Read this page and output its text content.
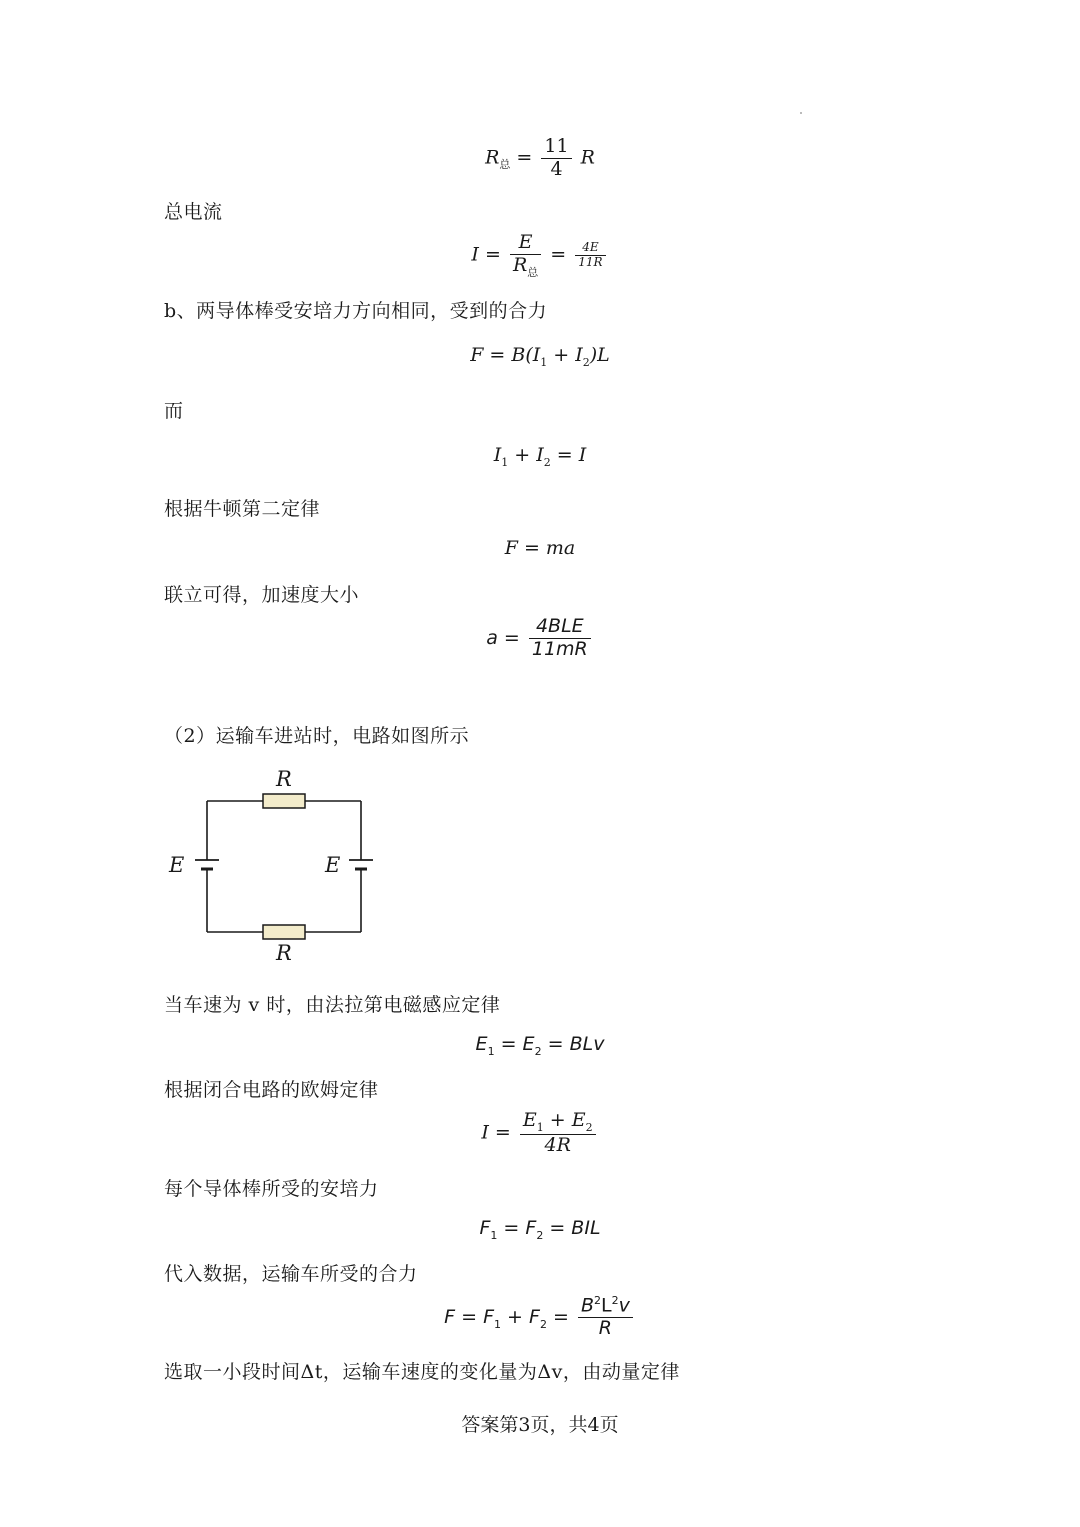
$R_总 = \frac{11}{4}$ R
总电流
$I = \frac{E}{R_总} = \frac{4E}{11R}$
b、两导体棒受安培力方向相同，受到的合力
$F = B(I_1 + I_2)L$
而
$I_1 + I_2 = I$
根据牛顿第二定律
F = ma
联立可得，加速度大小
$a = \frac{\text{4BLE}}{11mR}$
（2）运输车进站时，电路如图所示
R
R
E	E
当车速为 v 时，由法拉第电磁感应定律
$E_1 = E_2$ = BLv
根据闭合电路的欧姆定律
$I = \frac{E_1 + E_2}{4R}$
每个导体棒所受的安培力
$F_1 = F_2$ = BIL
代入数据，运输车所受的合力
$F = F_1 + F_2 = \frac{B^2L^2v}{R}$
选取一小段时间Δt，运输车速度的变化量为Δv，由动量定律
答案第3页，共4页
